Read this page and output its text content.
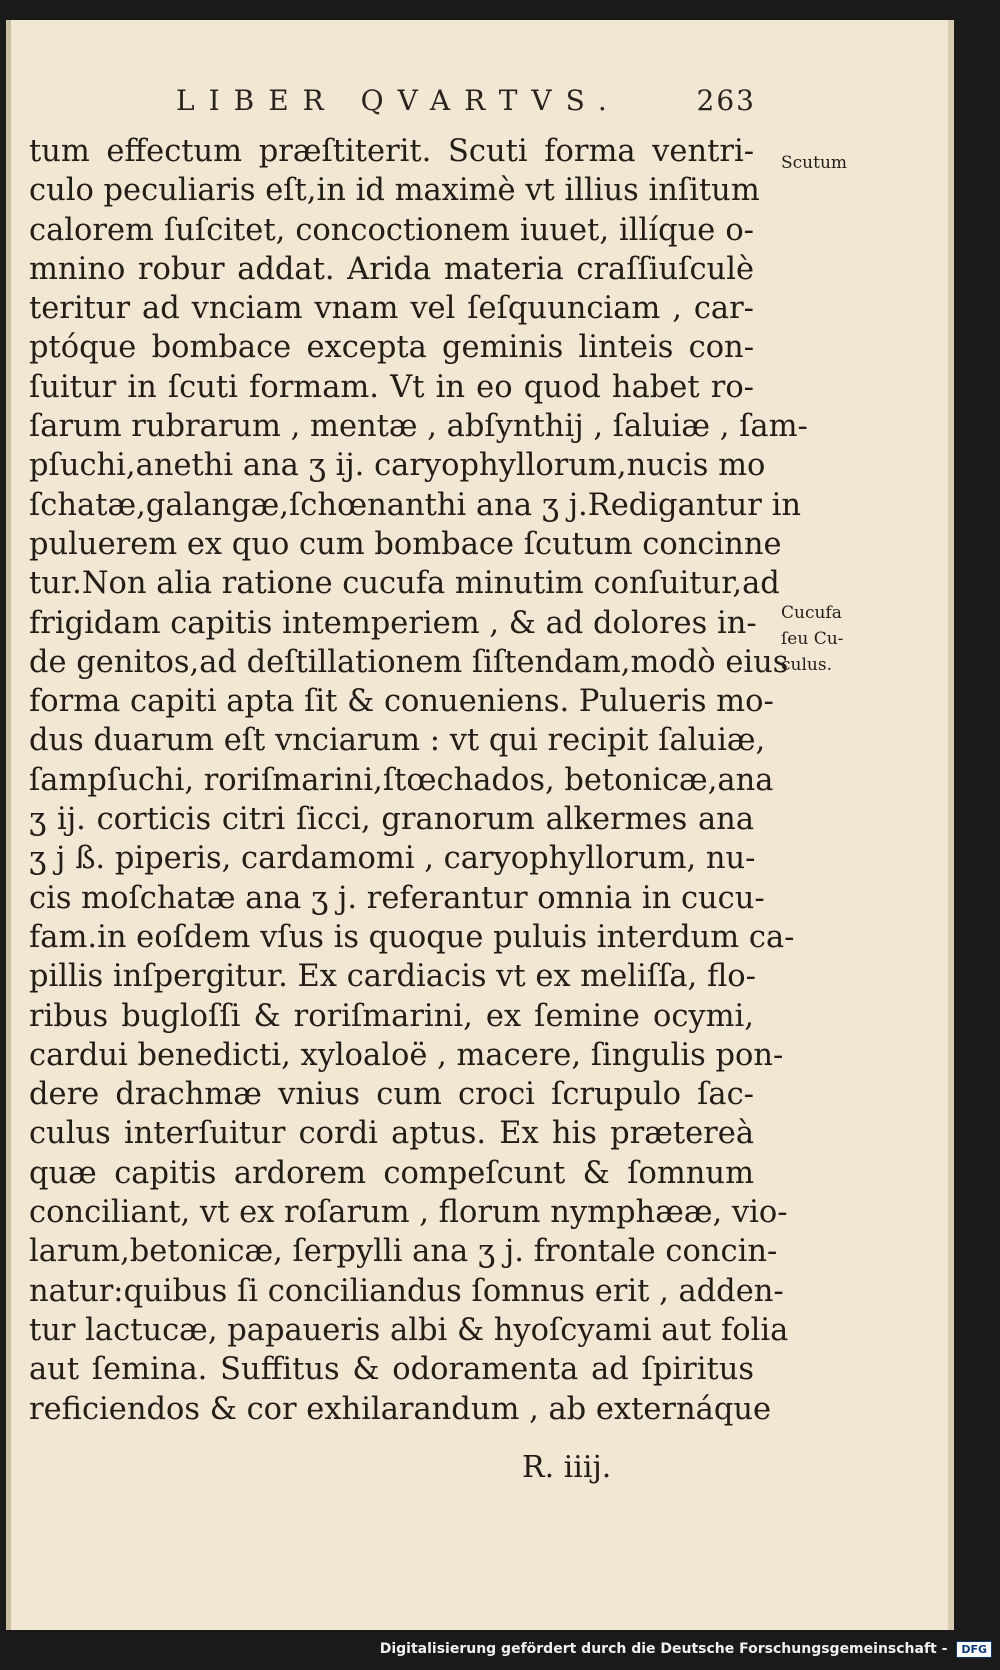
LIBER QVARTVS.	263
tum effectum præſtiterit. Scuti forma ventri-
culo peculiaris eſt,in id maximè vt illius inſitum
calorem ſuſcitet, concoctionem iuuet, illíque o-
mnino robur addat. Arida materia craſſiuſculè
teritur ad vnciam vnam vel ſeſquunciam , car-
ptóque bombace excepta geminis linteis con-
ſuitur in ſcuti formam. Vt in eo quod habet ro-
ſarum rubrarum , mentæ , abſynthij , ſaluiæ , ſam-
pſuchi,anethi ana ʒ ij. caryophyllorum,nucis mo
ſchatæ,galangæ,ſchœnanthi ana ʒ j.Redigantur in
puluerem ex quo cum bombace ſcutum concinne
tur.Non alia ratione cucufa minutim conſuitur,ad
frigidam capitis intemperiem , & ad dolores in-
de genitos,ad deſtillationem ſiſtendam,modò eius
forma capiti apta ſit & conueniens. Pulueris mo-
dus duarum eſt vnciarum : vt qui recipit ſaluiæ,
ſampſuchi, roriſmarini,ſtœchados, betonicæ,ana
ʒ ij. corticis citri ſicci, granorum alkermes ana
ʒ j ß. piperis, cardamomi , caryophyllorum, nu-
cis moſchatæ ana ʒ j. referantur omnia in cucu-
fam.in eoſdem vſus is quoque puluis interdum ca-
pillis inſpergitur. Ex cardiacis vt ex meliſſa, flo-
ribus bugloſſi & roriſmarini, ex ſemine ocymi,
cardui benedicti, xyloaloë , macere, ſingulis pon-
dere drachmæ vnius cum croci ſcrupulo ſac-
culus interſuitur cordi aptus. Ex his prætereà
quæ capitis ardorem compeſcunt & ſomnum
conciliant, vt ex roſarum , florum nymphææ, vio-
larum,betonicæ, ſerpylli ana ʒ j. frontale concin-
natur:quibus ſi conciliandus ſomnus erit , adden-
tur lactucæ, papaueris albi & hyoſcyami aut folia
aut ſemina. Suffitus & odoramenta ad ſpiritus
reficiendos & cor exhilarandum , ab externáque
Scutum
Cucufa
ſeu Cu-
culus.
R. iiij.
Digitalisierung gefördert durch die Deutsche Forschungsgemeinschaft - DFG
